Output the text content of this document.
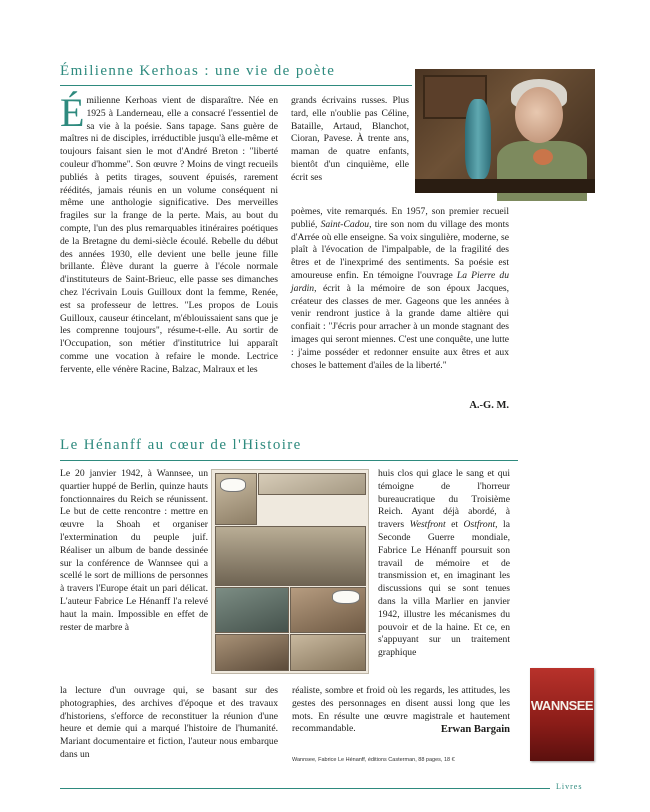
Émilienne Kerhoas : une vie de poète

Émilienne Kerhoas vient de disparaître. Née en 1925 à Landerneau, elle a consacré l'essentiel de sa vie à la poésie. Sans tapage. Sans guère de maîtres ni de disciples, irréductible jusqu'à elle-même et toujours faisant sien le mot d'André Breton : "liberté couleur d'homme". Son œuvre ? Moins de vingt recueils publiés à petits tirages, souvent épuisés, rarement réédités, jamais réunis en un volume conséquent ni même une anthologie significative. Des merveilles fragiles sur la frange de la perte. Mais, au bout du compte, l'un des plus remarquables itinéraires poétiques de la Bretagne du demi-siècle écoulé. Rebelle du début des années 1930, elle devient une belle jeune fille brillante. Élève durant la guerre à l'école normale d'instituteurs de Saint-Brieuc, elle passe ses dimanches chez l'écrivain Louis Guilloux dont la femme, Renée, est sa professeur de lettres. "Les propos de Louis Guilloux, causeur étincelant, m'éblouissaient sans que je les comprenne toujours", résume-t-elle. Au sortir de l'Occupation, son métier d'institutrice lui apparaît comme une vocation à refaire le monde. Lectrice fervente, elle vénère Racine, Balzac, Malraux et les

grands écrivains russes. Plus tard, elle n'oublie pas Céline, Bataille, Artaud, Blanchot, Cioran, Pavese. À trente ans, maman de quatre enfants, bientôt d'un cinquième, elle écrit ses

poèmes, vite remarqués. En 1957, son premier recueil publié, Saint-Cadou, tire son nom du village des monts d'Arrée où elle enseigne. Sa voix singulière, moderne, se plaît à l'évocation de l'impalpable, de la fragilité des êtres et de l'inexprimé des sentiments. Sa poésie est amoureuse enfin. En témoigne l'ouvrage La Pierre du jardin, écrit à la mémoire de son époux Jacques, créateur des classes de mer. Gageons que les années à venir rendront justice à la grande dame altière qui confiait : "J'écris pour arracher à un monde stagnant des images qui seront miennes. C'est une conquête, une lutte : j'aime posséder et redonner ensuite aux êtres et aux choses le battement d'ailes de la liberté."

A.-G. M.

Le Hénanff au cœur de l'Histoire

Le 20 janvier 1942, à Wannsee, un quartier huppé de Berlin, quinze hauts fonctionnaires du Reich se réunissent. Le but de cette rencontre : mettre en œuvre la Shoah et organiser l'extermination du peuple juif. Réaliser un album de bande dessinée sur la conférence de Wannsee qui a scellé le sort de millions de personnes à travers l'Europe était un pari délicat. L'auteur Fabrice Le Hénanff l'a relevé haut la main. Impossible en effet de rester de marbre à

huis clos qui glace le sang et qui témoigne de l'horreur bureaucratique du Troisième Reich. Ayant déjà abordé, à travers Westfront et Ostfront, la Seconde Guerre mondiale, Fabrice Le Hénanff poursuit son travail de mémoire et de transmission et, en imaginant les discussions qui se sont tenues dans la villa Marlier en janvier 1942, illustre les mécanismes du pouvoir et de la haine. Et ce, en s'appuyant sur un traitement graphique

la lecture d'un ouvrage qui, se basant sur des photographies, des archives d'époque et des travaux d'historiens, s'efforce de reconstituer la réunion d'une heure et demie qui a marqué l'histoire de l'humanité. Mariant documentaire et fiction, l'auteur nous embarque dans un

réaliste, sombre et froid où les regards, les attitudes, les gestes des personnages en disent aussi long que les mots. En résulte une œuvre magistrale et hautement recommandable.	Erwan Bargain

Wannsee, Fabrice Le Hénanff, éditions Casterman, 88 pages, 18 €

WANNSEE

Livres
